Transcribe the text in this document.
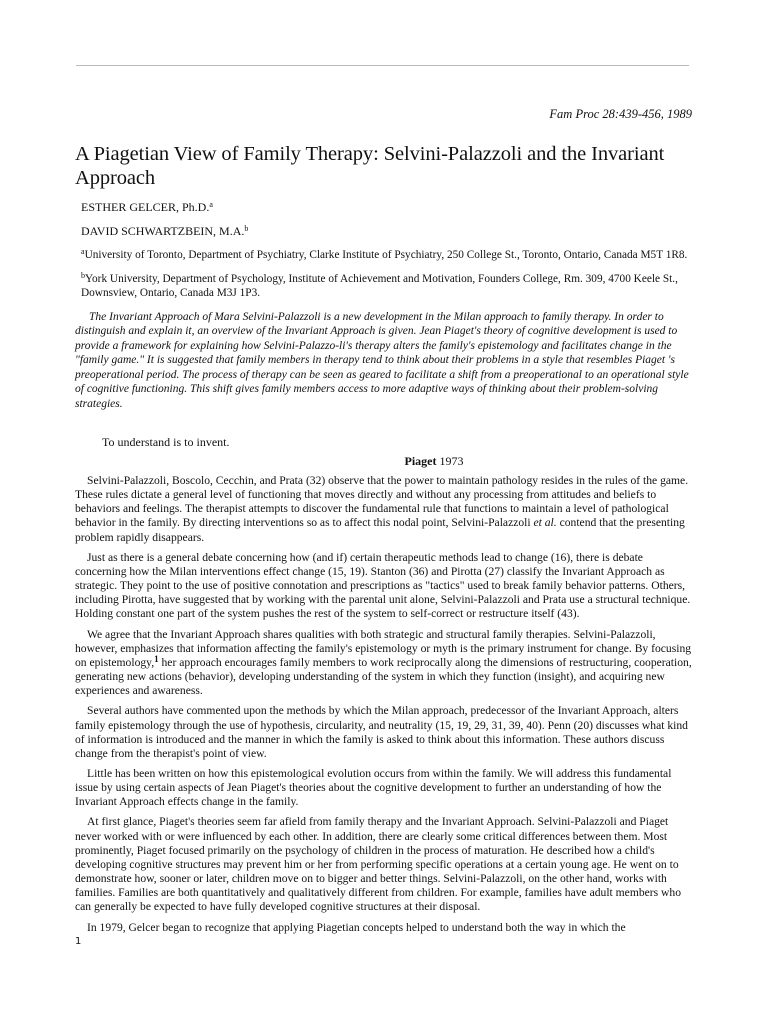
Fam Proc 28:439-456, 1989
A Piagetian View of Family Therapy: Selvini-Palazzoli and the Invariant Approach
ESTHER GELCER, Ph.D.$^a$
DAVID SCHWARTZBEIN, M.A.$^b$
$^a$University of Toronto, Department of Psychiatry, Clarke Institute of Psychiatry, 250 College St., Toronto, Ontario, Canada M5T 1R8.
$^b$York University, Department of Psychology, Institute of Achievement and Motivation, Founders College, Rm. 309, 4700 Keele St., Downsview, Ontario, Canada M3J 1P3.

The Invariant Approach of Mara Selvini-Palazzoli is a new development in the Milan approach to family therapy. In order to distinguish and explain it, an overview of the Invariant Approach is given. Jean Piaget's theory of cognitive development is used to provide a framework for explaining how Selvini-Palazzo-li's therapy alters the family's epistemology and facilitates change in the "family game." It is suggested that family members in therapy tend to think about their problems in a style that resembles Piaget 's preoperational period. The process of therapy can be seen as geared to facilitate a shift from a preoperational to an operational style of cognitive functioning. This shift gives family members access to more adaptive ways of thinking about their problem-solving strategies.

To understand is to invent.
Piaget 1973

Selvini-Palazzoli, Boscolo, Cecchin, and Prata (32) observe that the power to maintain pathology resides in the rules of the game. These rules dictate a general level of functioning that moves directly and without any processing from attitudes and beliefs to behaviors and feelings. The therapist attempts to discover the fundamental rule that functions to maintain a level of pathological behavior in the family. By directing interventions so as to affect this nodal point, Selvini-Palazzoli et al. contend that the presenting problem rapidly disappears.

Just as there is a general debate concerning how (and if) certain therapeutic methods lead to change (16), there is debate concerning how the Milan interventions effect change (15, 19). Stanton (36) and Pirotta (27) classify the Invariant Approach as strategic. They point to the use of positive connotation and prescriptions as "tactics" used to break family behavior patterns. Others, including Pirotta, have suggested that by working with the parental unit alone, Selvini-Palazzoli and Prata use a structural technique. Holding constant one part of the system pushes the rest of the system to self-correct or restructure itself (43).

We agree that the Invariant Approach shares qualities with both strategic and structural family therapies. Selvini-Palazzoli, however, emphasizes that information affecting the family's epistemology or myth is the primary instrument for change. By focusing on epistemology,$^1$ her approach encourages family members to work reciprocally along the dimensions of restructuring, cooperation, generating new actions (behavior), developing understanding of the system in which they function (insight), and acquiring new experiences and awareness.

Several authors have commented upon the methods by which the Milan approach, predecessor of the Invariant Approach, alters family epistemology through the use of hypothesis, circularity, and neutrality (15, 19, 29, 31, 39, 40). Penn (20) discusses what kind of information is introduced and the manner in which the family is asked to think about this information. These authors discuss change from the therapist's point of view.

Little has been written on how this epistemological evolution occurs from within the family. We will address this fundamental issue by using certain aspects of Jean Piaget's theories about the cognitive development to further an understanding of how the Invariant Approach effects change in the family.

At first glance, Piaget's theories seem far afield from family therapy and the Invariant Approach. Selvini-Palazzoli and Piaget never worked with or were influenced by each other. In addition, there are clearly some critical differences between them. Most prominently, Piaget focused primarily on the psychology of children in the process of maturation. He described how a child's developing cognitive structures may prevent him or her from performing specific operations at a certain young age. He went on to demonstrate how, sooner or later, children move on to bigger and better things. Selvini-Palazzoli, on the other hand, works with families. Families are both quantitatively and qualitatively different from children. For example, families have adult members who can generally be expected to have fully developed cognitive structures at their disposal.

In 1979, Gelcer began to recognize that applying Piagetian concepts helped to understand both the way in which the

1
